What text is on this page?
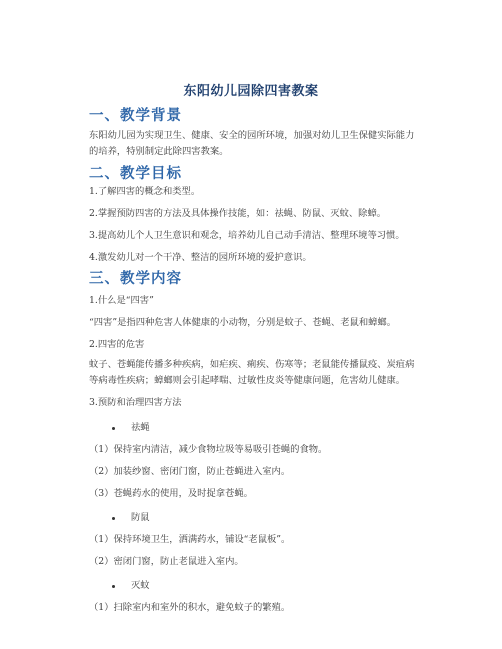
东阳幼儿园除四害教案
一、教学背景
东阳幼儿园为实现卫生、健康、安全的园所环境，加强对幼儿卫生保健实际能力的培养，特别制定此除四害教案。
二、教学目标
1.了解四害的概念和类型。
2.掌握预防四害的方法及具体操作技能，如：祛蝇、防鼠、灭蚊、除蟑。
3.提高幼儿个人卫生意识和观念，培养幼儿自己动手清洁、整理环境等习惯。
4.激发幼儿对一个干净、整洁的园所环境的爱护意识。
三、教学内容
1.什么是“四害”
“四害”是指四种危害人体健康的小动物，分别是蚊子、苍蝇、老鼠和蟑螂。
2.四害的危害
蚊子、苍蝇能传播多种疾病，如疟疾、痢疾、伤寒等；老鼠能传播鼠疫、炭疽病等病毒性疾病；蟑螂则会引起哮喘、过敏性皮炎等健康问题，危害幼儿健康。
3.预防和治理四害方法
祛蝇
（1）保持室内清洁，减少食物垃圾等易吸引苍蝇的食物。
（2）加装纱窗、密闭门窗，防止苍蝇进入室内。
（3）苍蝇药水的使用，及时捉拿苍蝇。
防鼠
（1）保持环境卫生，洒满药水，铺设“老鼠板”。
（2）密闭门窗，防止老鼠进入室内。
灭蚊
（1）扫除室内和室外的积水，避免蚊子的繁殖。
